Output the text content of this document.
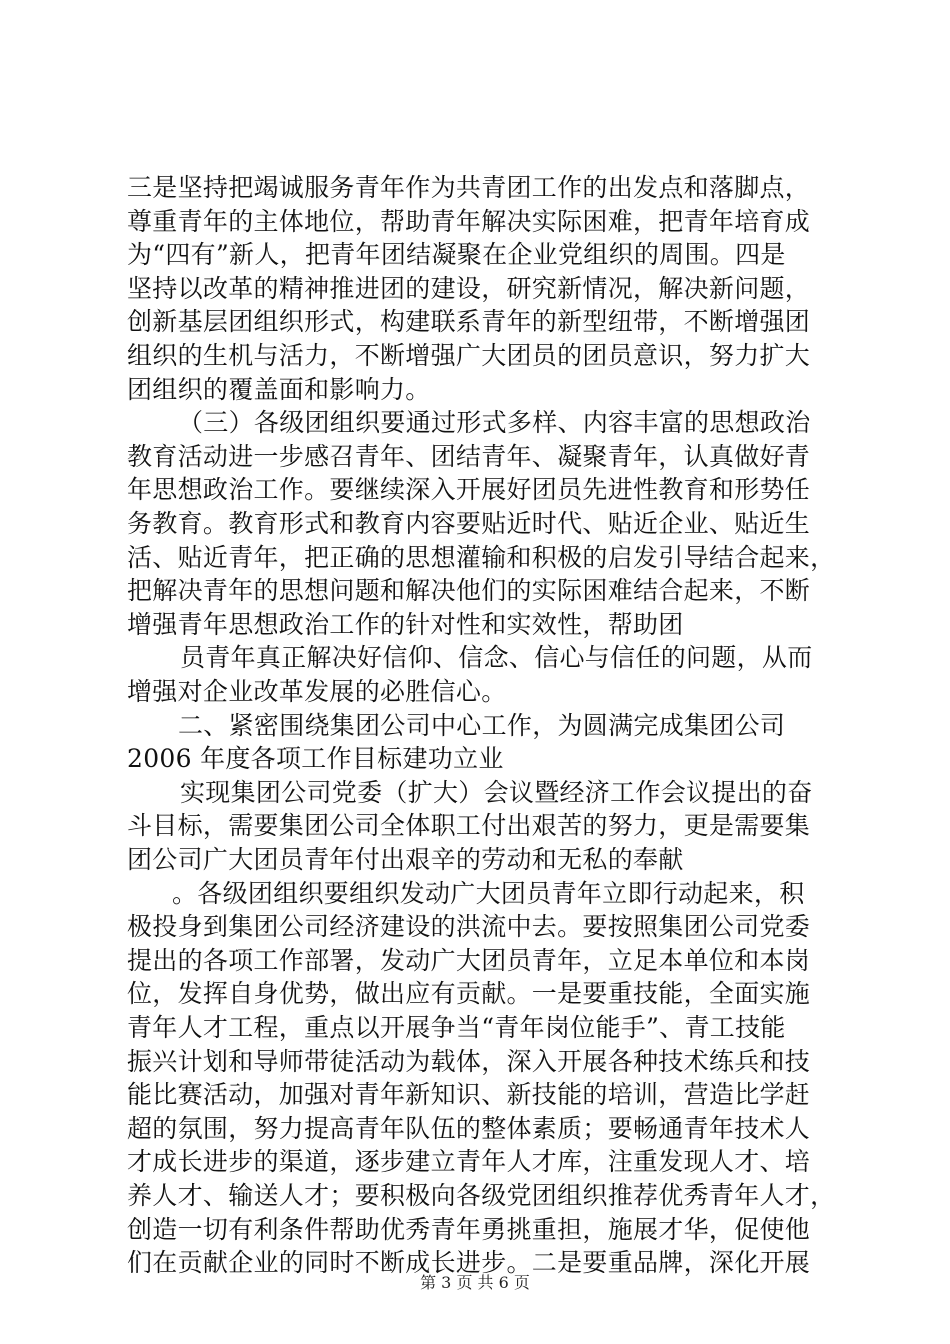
三是坚持把竭诚服务青年作为共青团工作的出发点和落脚点，
尊重青年的主体地位，帮助青年解决实际困难，把青年培育成
为“四有”新人，把青年团结凝聚在企业党组织的周围。四是
坚持以改革的精神推进团的建设，研究新情况，解决新问题，
创新基层团组织形式，构建联系青年的新型纽带，不断增强团
组织的生机与活力，不断增强广大团员的团员意识，努力扩大
团组织的覆盖面和影响力。
（三）各级团组织要通过形式多样、内容丰富的思想政治
教育活动进一步感召青年、团结青年、凝聚青年，认真做好青
年思想政治工作。要继续深入开展好团员先进性教育和形势任
务教育。教育形式和教育内容要贴近时代、贴近企业、贴近生
活、贴近青年，把正确的思想灌输和积极的启发引导结合起来，
把解决青年的思想问题和解决他们的实际困难结合起来，不断
增强青年思想政治工作的针对性和实效性，帮助团
员青年真正解决好信仰、信念、信心与信任的问题，从而
增强对企业改革发展的必胜信心。
二、紧密围绕集团公司中心工作，为圆满完成集团公司
2006 年度各项工作目标建功立业
实现集团公司党委（扩大）会议暨经济工作会议提出的奋
斗目标，需要集团公司全体职工付出艰苦的努力，更是需要集
团公司广大团员青年付出艰辛的劳动和无私的奉献
。各级团组织要组织发动广大团员青年立即行动起来，积
极投身到集团公司经济建设的洪流中去。要按照集团公司党委
提出的各项工作部署，发动广大团员青年，立足本单位和本岗
位，发挥自身优势，做出应有贡献。一是要重技能，全面实施
青年人才工程，重点以开展争当“青年岗位能手”、青工技能
振兴计划和导师带徒活动为载体，深入开展各种技术练兵和技
能比赛活动，加强对青年新知识、新技能的培训，营造比学赶
超的氛围，努力提高青年队伍的整体素质；要畅通青年技术人
才成长进步的渠道，逐步建立青年人才库，注重发现人才、培
养人才、输送人才；要积极向各级党团组织推荐优秀青年人才，
创造一切有利条件帮助优秀青年勇挑重担，施展才华，促使他
第 3 页 共 6 页
们在贡献企业的同时不断成长进步。二是要重品牌，深化开展
